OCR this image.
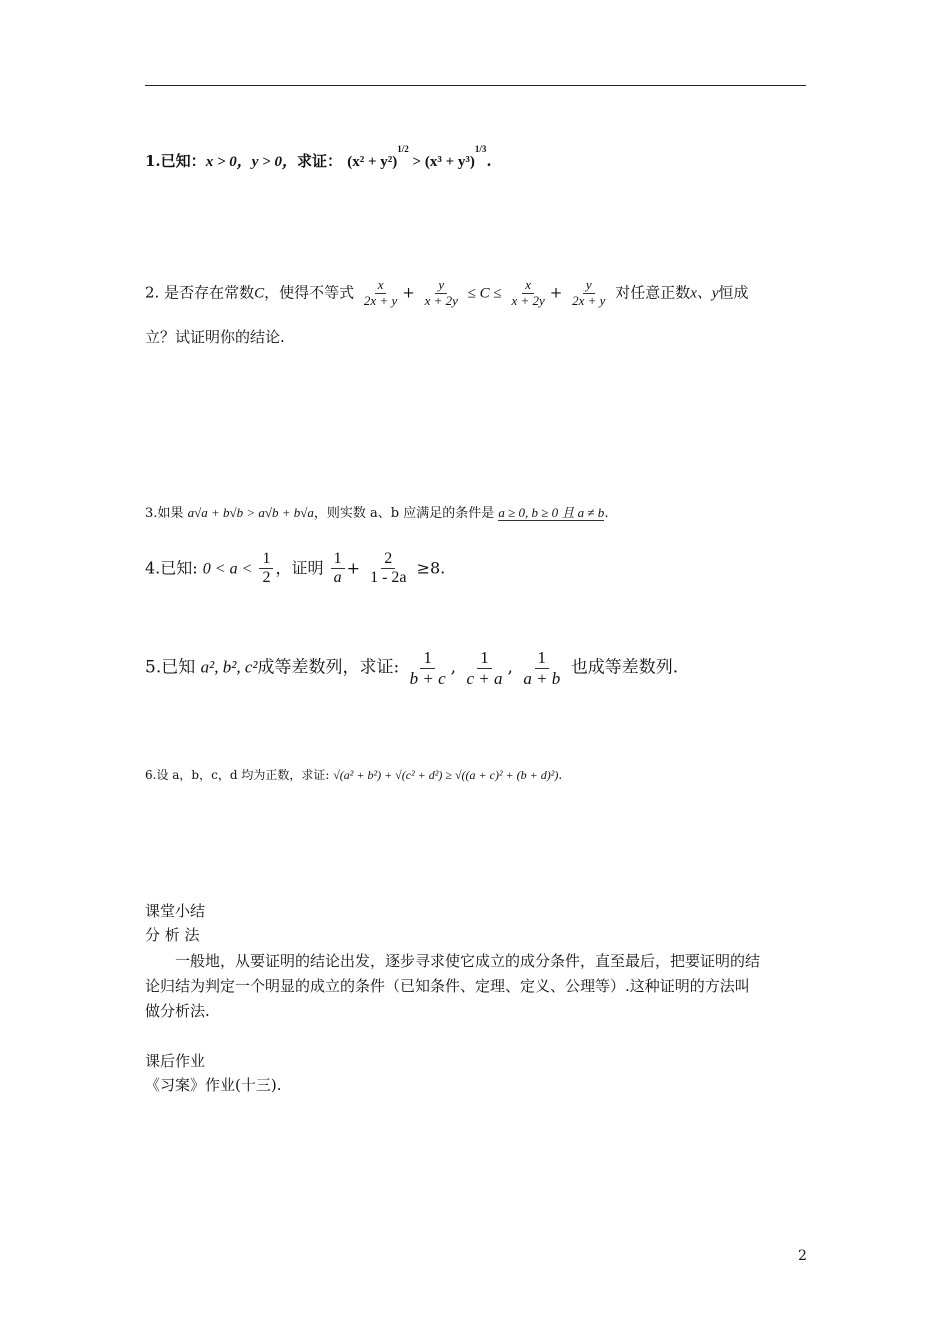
1.已知：x > 0，y > 0，求证： $(x^2 + y^2)^{1/2} > (x^3 + y^3)^{1/3}$.
2. 是否存在常数C，使得不等式 $\frac{x}{2x + y} + \frac{y}{x + 2y} \le C \le \frac{x}{x + 2y} + \frac{y}{2x + y}$ 对任意正数x、y恒成
立？试证明你的结论.
3.如果 a√a + b√b > a√b + b√a，则实数 a、b 应满足的条件是 a ≥ 0, b ≥ 0 且 a ≠ b.
4.已知: $0 < a < \frac{1}{2}$ ，证明 $\frac{1}{a} + \frac{2}{1 - 2a} \ge 8$.
5.已知 a², b², c²成等差数列，求证: $\frac{1}{b + c}$ , $\frac{1}{c + a}$ , $\frac{1}{a + b}$ 也成等差数列.
6.设 a，b，c，d 均为正数，求证: √(a² + b²) + √(c² + d²) ≥ √((a + c)² + (b + d)²).
课堂小结
分 析 法
一般地，从要证明的结论出发，逐步寻求使它成立的成分条件，直至最后，把要证明的结
论归结为判定一个明显的成立的条件（已知条件、定理、定义、公理等）.这种证明的方法叫
做分析法.
课后作业
《习案》作业(十三).
2
